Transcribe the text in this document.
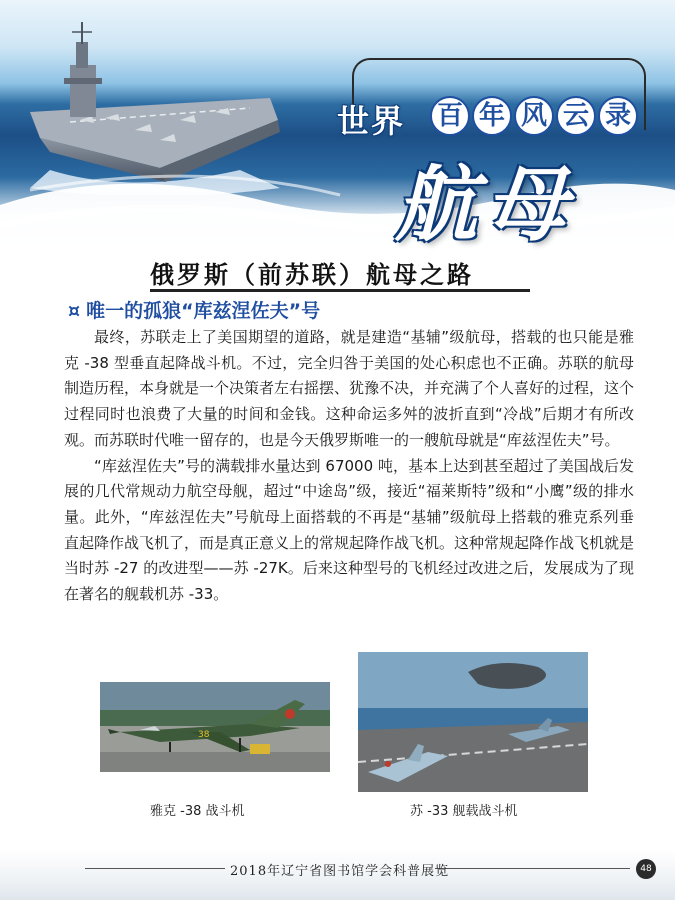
世界 百 年 风 云 录
航母
俄罗斯（前苏联）航母之路
¤ 唯一的孤狼“库兹涅佐夫”号

最终，苏联走上了美国期望的道路，就是建造“基辅”级航母，搭载的也只能是雅克 -38 型垂直起降战斗机。不过，完全归咎于美国的处心积虑也不正确。苏联的航母制造历程，本身就是一个决策者左右摇摆、犹豫不决，并充满了个人喜好的过程，这个过程同时也浪费了大量的时间和金钱。这种命运多舛的波折直到“冷战”后期才有所改观。而苏联时代唯一留存的，也是今天俄罗斯唯一的一艘航母就是“库兹涅佐夫”号。

“库兹涅佐夫”号的满载排水量达到 67000 吨，基本上达到甚至超过了美国战后发展的几代常规动力航空母舰，超过“中途岛”级，接近“福莱斯特”级和“小鹰”级的排水量。此外，“库兹涅佐夫”号航母上面搭载的不再是“基辅”级航母上搭载的雅克系列垂直起降作战飞机了，而是真正意义上的常规起降作战飞机。这种常规起降作战飞机就是当时苏 -27 的改进型——苏 -27K。后来这种型号的飞机经过改进之后，发展成为了现在著名的舰载机苏 -33。

38
雅克 -38 战斗机	苏 -33 舰载战斗机
2018年辽宁省图书馆学会科普展览	48
